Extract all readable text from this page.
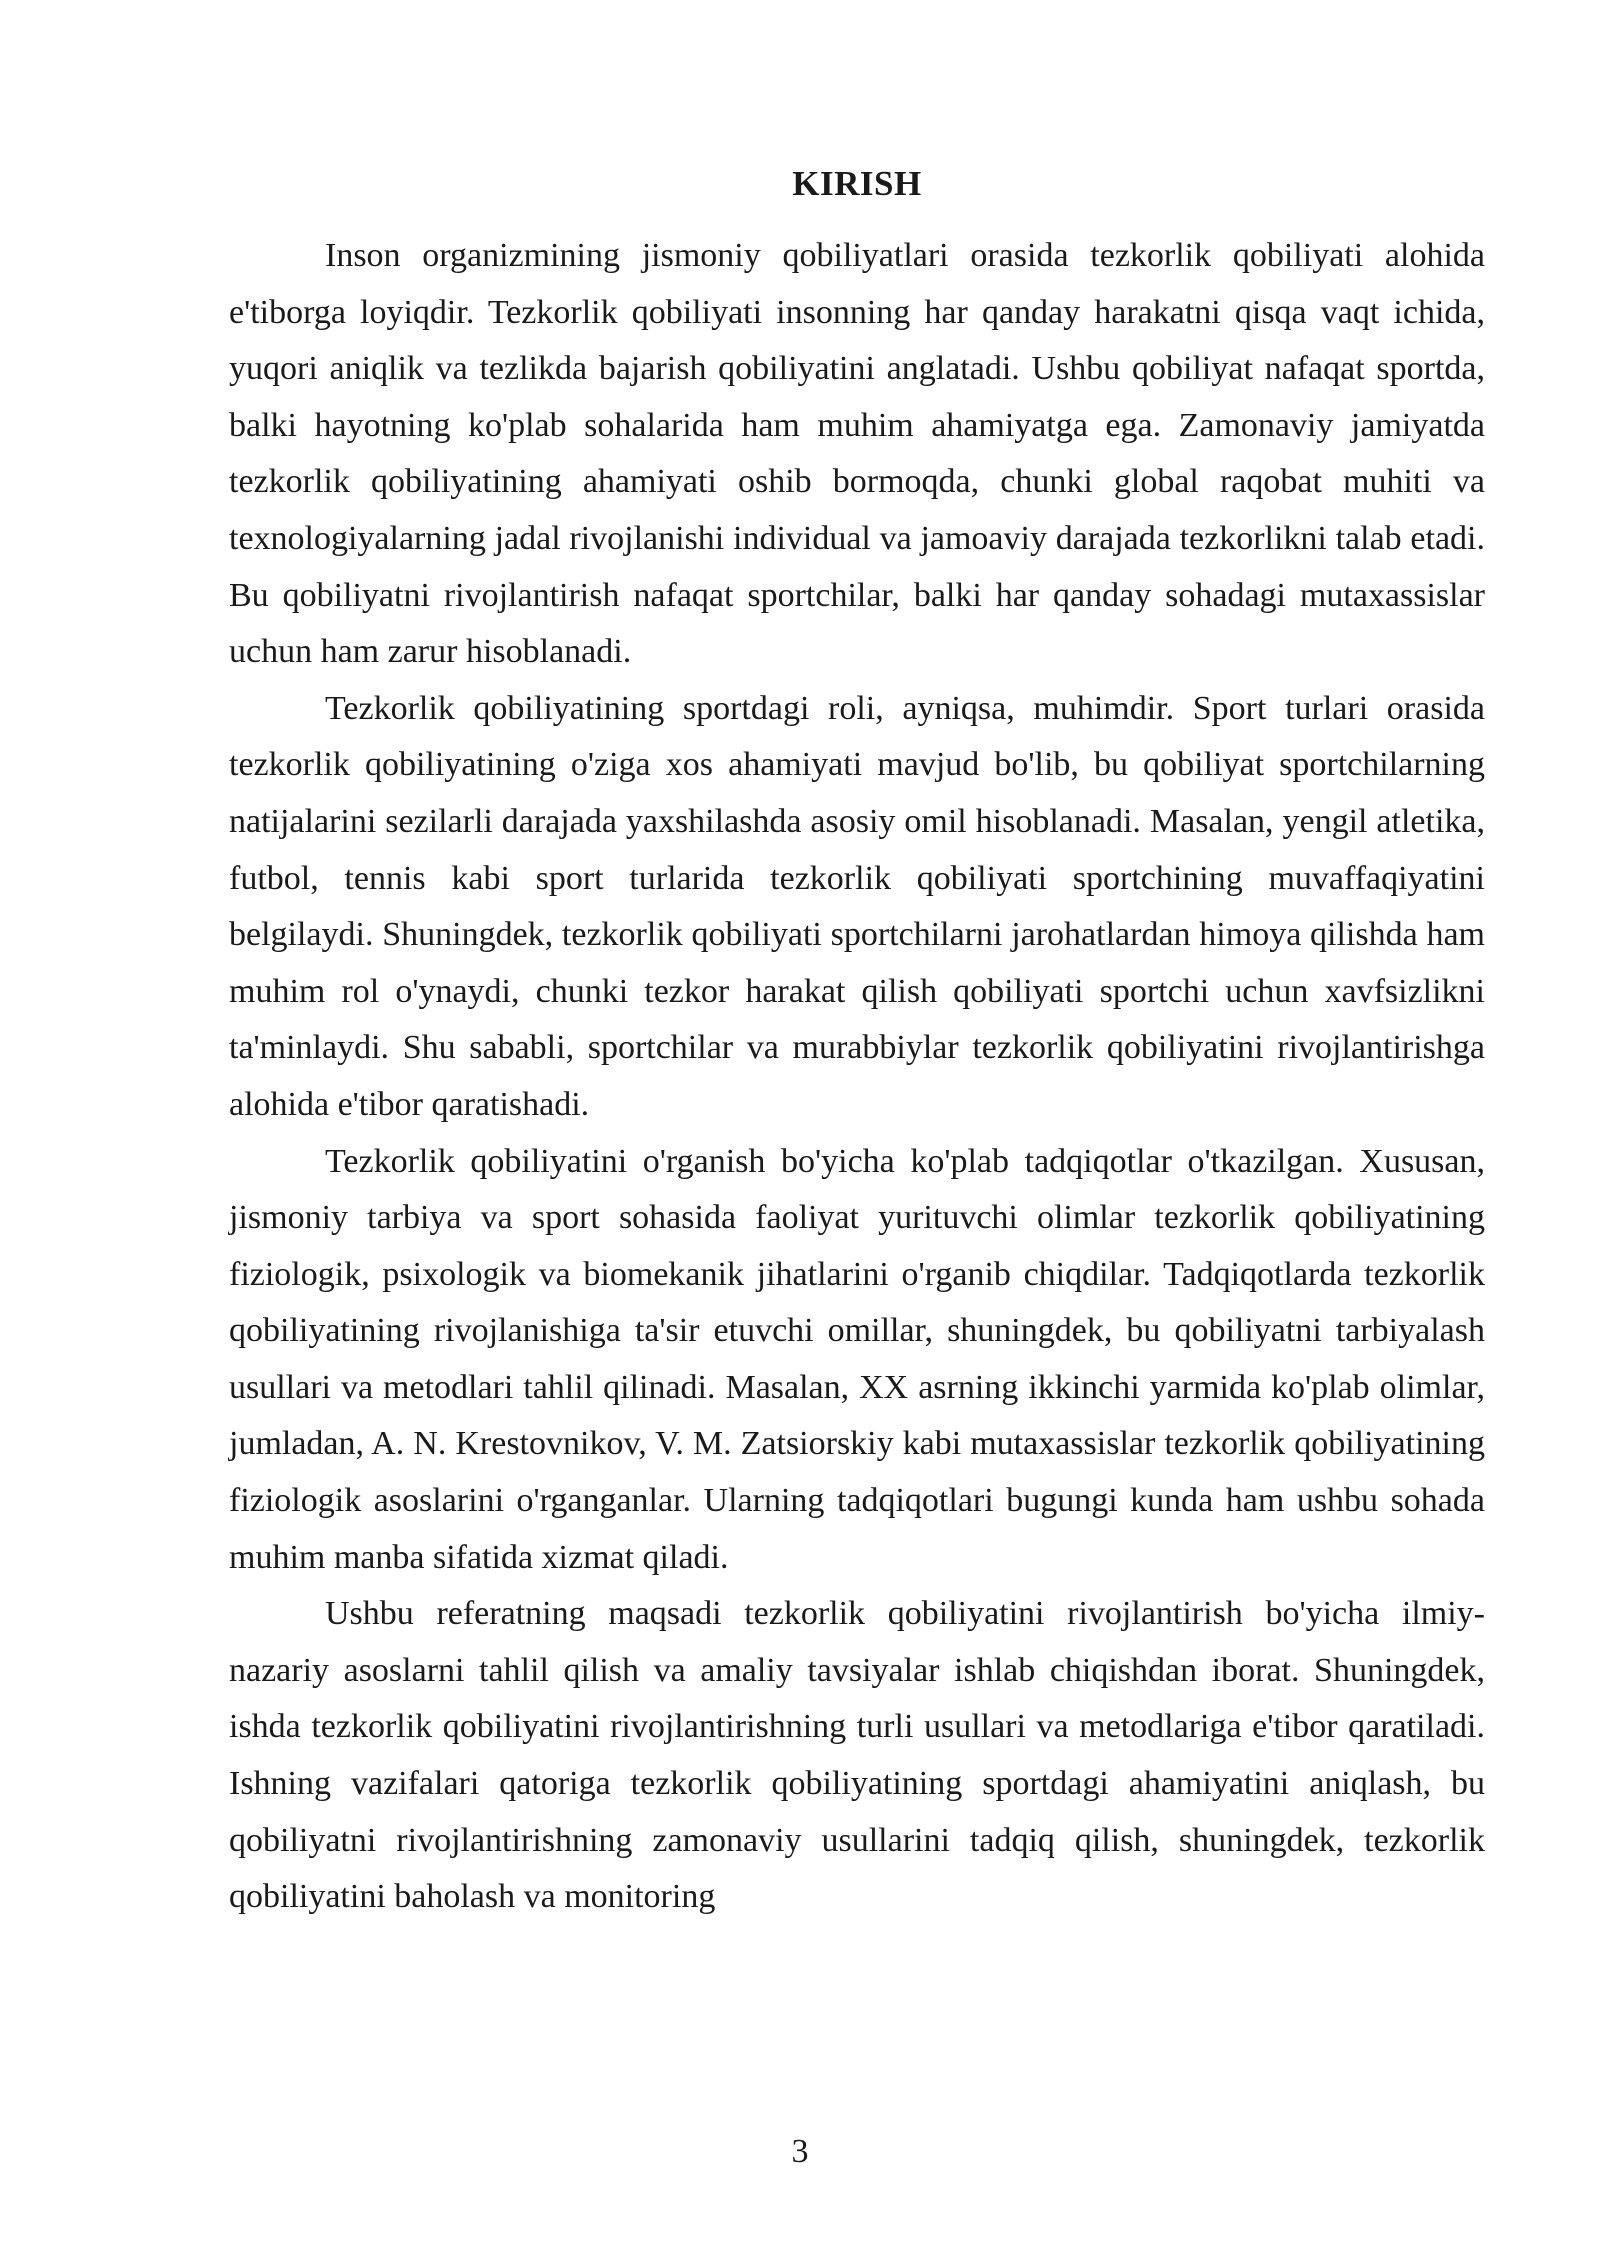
KIRISH

Inson organizmining jismoniy qobiliyatlari orasida tezkorlik qobiliyati alohida e'tiborga loyiqdir. Tezkorlik qobiliyati insonning har qanday harakatni qisqa vaqt ichida, yuqori aniqlik va tezlikda bajarish qobiliyatini anglatadi. Ushbu qobiliyat nafaqat sportda, balki hayotning ko'plab sohalarida ham muhim ahamiyatga ega. Zamonaviy jamiyatda tezkorlik qobiliyatining ahamiyati oshib bormoqda, chunki global raqobat muhiti va texnologiyalarning jadal rivojlanishi individual va jamoaviy darajada tezkorlikni talab etadi. Bu qobiliyatni rivojlantirish nafaqat sportchilar, balki har qanday sohadagi mutaxassislar uchun ham zarur hisoblanadi.

Tezkorlik qobiliyatining sportdagi roli, ayniqsa, muhimdir. Sport turlari orasida tezkorlik qobiliyatining o'ziga xos ahamiyati mavjud bo'lib, bu qobiliyat sportchilarning natijalarini sezilarli darajada yaxshilashda asosiy omil hisoblanadi. Masalan, yengil atletika, futbol, tennis kabi sport turlarida tezkorlik qobiliyati sportchining muvaffaqiyatini belgilaydi. Shuningdek, tezkorlik qobiliyati sportchilarni jarohatlardan himoya qilishda ham muhim rol o'ynaydi, chunki tezkor harakat qilish qobiliyati sportchi uchun xavfsizlikni ta'minlaydi. Shu sababli, sportchilar va murabbiylar tezkorlik qobiliyatini rivojlantirishga alohida e'tibor qaratishadi.

Tezkorlik qobiliyatini o'rganish bo'yicha ko'plab tadqiqotlar o'tkazilgan. Xususan, jismoniy tarbiya va sport sohasida faoliyat yurituvchi olimlar tezkorlik qobiliyatining fiziologik, psixologik va biomekanik jihatlarini o'rganib chiqdilar. Tadqiqotlarda tezkorlik qobiliyatining rivojlanishiga ta'sir etuvchi omillar, shuningdek, bu qobiliyatni tarbiyalash usullari va metodlari tahlil qilinadi. Masalan, XX asrning ikkinchi yarmida ko'plab olimlar, jumladan, A. N. Krestovnikov, V. M. Zatsiorskiy kabi mutaxassislar tezkorlik qobiliyatining fiziologik asoslarini o'rganganlar. Ularning tadqiqotlari bugungi kunda ham ushbu sohada muhim manba sifatida xizmat qiladi.

Ushbu referatning maqsadi tezkorlik qobiliyatini rivojlantirish bo'yicha ilmiy-nazariy asoslarni tahlil qilish va amaliy tavsiyalar ishlab chiqishdan iborat. Shuningdek, ishda tezkorlik qobiliyatini rivojlantirishning turli usullari va metodlariga e'tibor qaratiladi. Ishning vazifalari qatoriga tezkorlik qobiliyatining sportdagi ahamiyatini aniqlash, bu qobiliyatni rivojlantirishning zamonaviy usullarini tadqiq qilish, shuningdek, tezkorlik qobiliyatini baholash va monitoring

3
